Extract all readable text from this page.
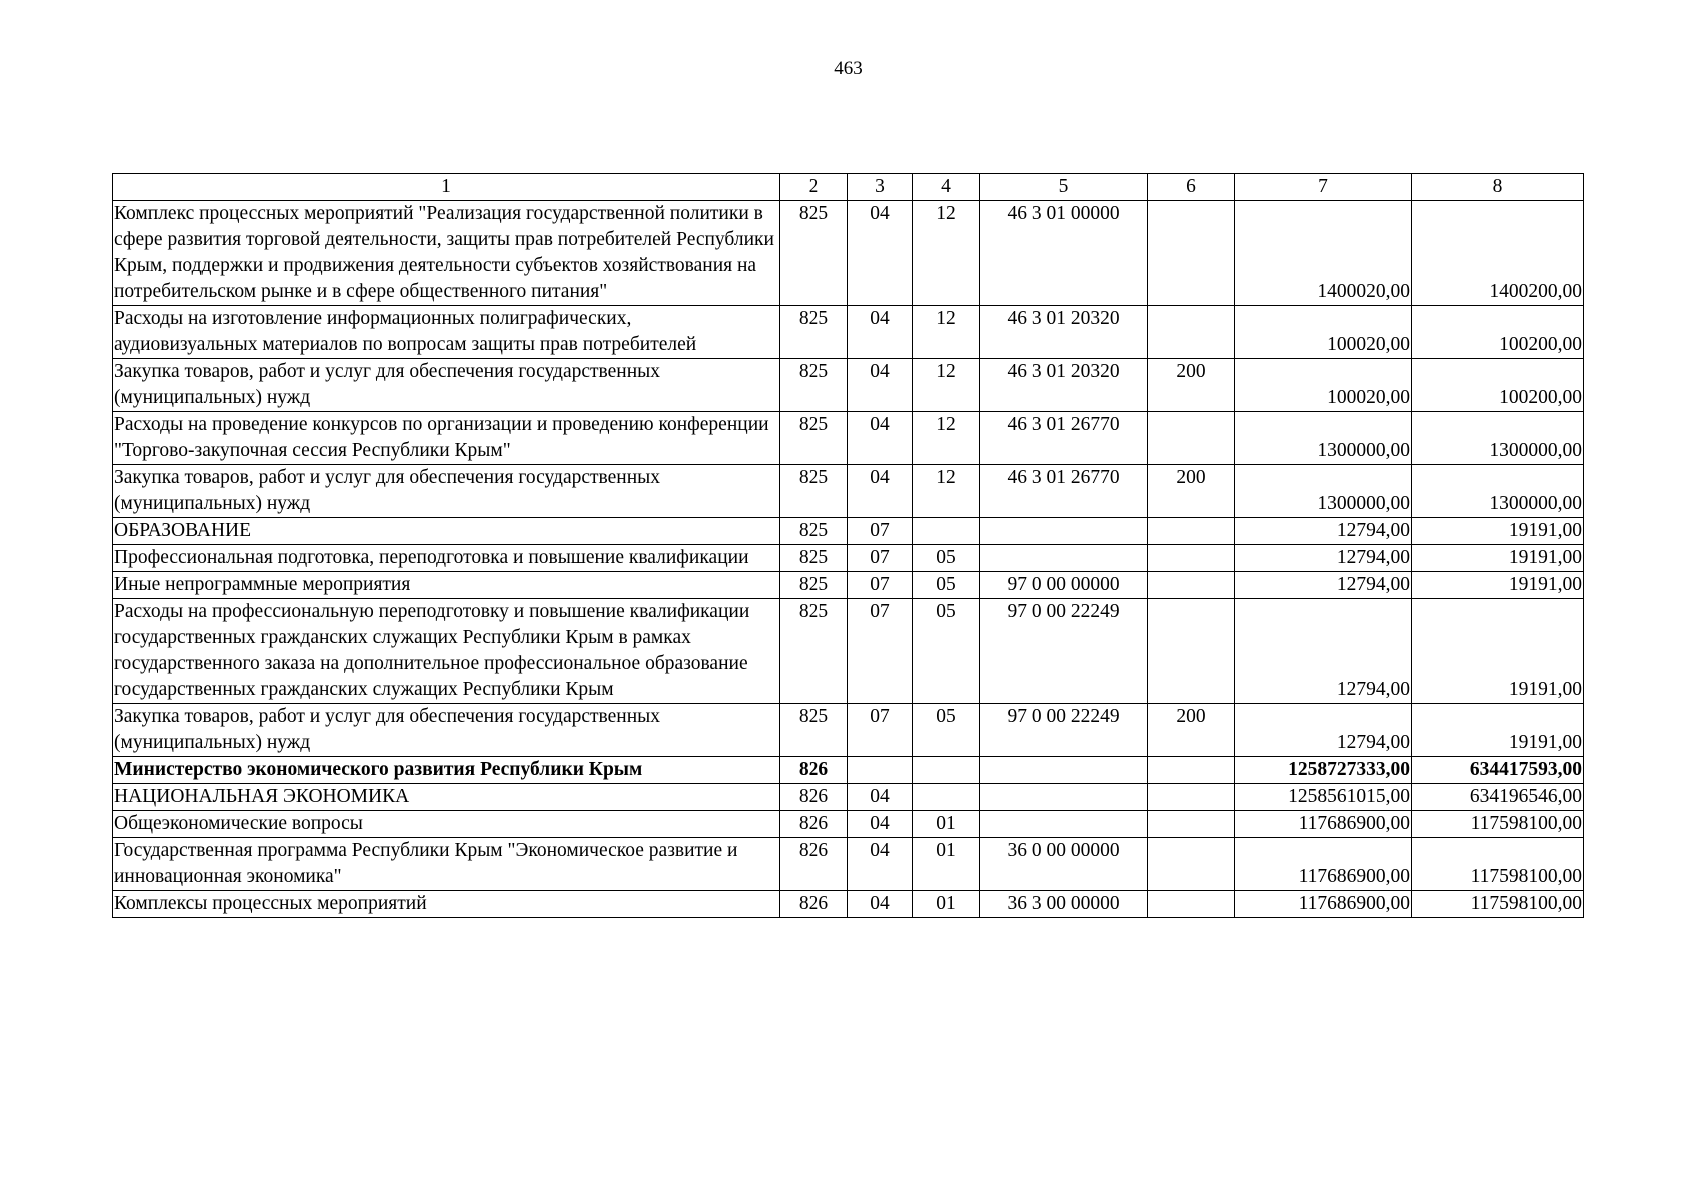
463
1	2	3	4	5	6	7	8
Комплекс процессных мероприятий "Реализация государственной политики в сфере развития торговой деятельности, защиты прав потребителей Республики Крым, поддержки и продвижения деятельности субъектов хозяйствования на потребительском рынке и в сфере общественного питания"	825	04	12	46 3 01 00000		1400020,00	1400200,00
Расходы на изготовление информационных полиграфических, аудиовизуальных материалов по вопросам защиты прав потребителей	825	04	12	46 3 01 20320		100020,00	100200,00
Закупка товаров, работ и услуг для обеспечения государственных (муниципальных) нужд	825	04	12	46 3 01 20320	200	100020,00	100200,00
Расходы на проведение конкурсов по организации и проведению конференции "Торгово-закупочная сессия Республики Крым"	825	04	12	46 3 01 26770		1300000,00	1300000,00
Закупка товаров, работ и услуг для обеспечения государственных (муниципальных) нужд	825	04	12	46 3 01 26770	200	1300000,00	1300000,00
ОБРАЗОВАНИЕ	825	07				12794,00	19191,00
Профессиональная подготовка, переподготовка и повышение квалификации	825	07	05			12794,00	19191,00
Иные непрограммные мероприятия	825	07	05	97 0 00 00000		12794,00	19191,00
Расходы на профессиональную переподготовку и повышение квалификации государственных гражданских служащих Республики Крым в рамках государственного заказа на дополнительное профессиональное образование государственных гражданских служащих Республики Крым	825	07	05	97 0 00 22249		12794,00	19191,00
Закупка товаров, работ и услуг для обеспечения государственных (муниципальных) нужд	825	07	05	97 0 00 22249	200	12794,00	19191,00
Министерство экономического развития Республики Крым	826					1258727333,00	634417593,00
НАЦИОНАЛЬНАЯ ЭКОНОМИКА	826	04				1258561015,00	634196546,00
Общеэкономические вопросы	826	04	01			117686900,00	117598100,00
Государственная программа Республики Крым "Экономическое развитие и инновационная экономика"	826	04	01	36 0 00 00000		117686900,00	117598100,00
Комплексы процессных мероприятий	826	04	01	36 3 00 00000		117686900,00	117598100,00
